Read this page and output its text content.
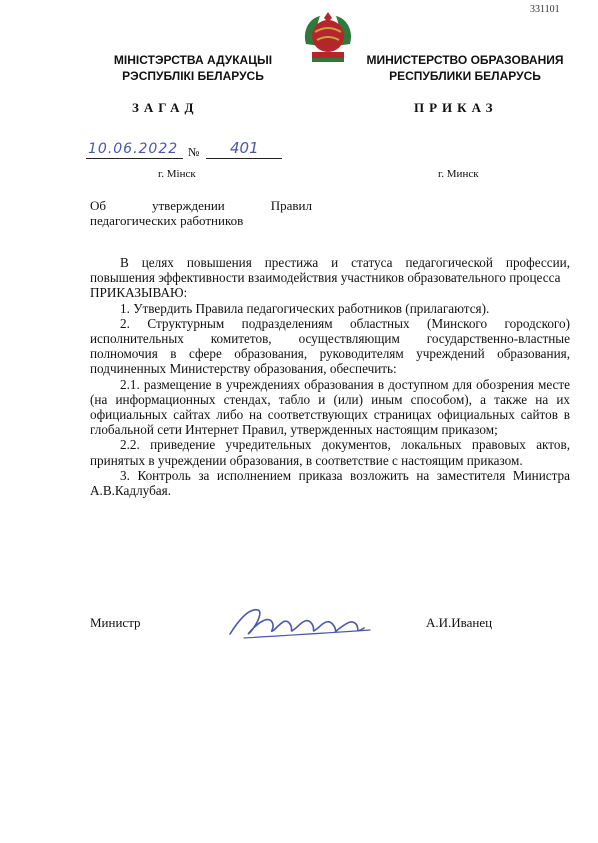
331101
МІНІСТЭРСТВА АДУКАЦЫІ
РЭСПУБЛІКІ БЕЛАРУСЬ
МИНИСТЕРСТВО ОБРАЗОВАНИЯ
РЕСПУБЛИКИ БЕЛАРУСЬ
ЗАГАД	ПРИКАЗ
10.06.2022 № 401
г. Мінск	г. Минск
Об	утверждении	Правил
педагогических работников

В целях повышения престижа и статуса педагогической профессии, повышения эффективности взаимодействия участников образовательного процесса

ПРИКАЗЫВАЮ:

1. Утвердить Правила педагогических работников (прилагаются).

2. Структурным подразделениям областных (Минского городского) исполнительных комитетов, осуществляющим государственно-властные полномочия в сфере образования, руководителям учреждений образования, подчиненных Министерству образования, обеспечить:

2.1. размещение в учреждениях образования в доступном для обозрения месте (на информационных стендах, табло и (или) иным способом), а также на их официальных сайтах либо на соответствующих страницах официальных сайтов в глобальной сети Интернет Правил, утвержденных настоящим приказом;

2.2. приведение учредительных документов, локальных правовых актов, принятых в учреждении образования, в соответствие с настоящим приказом.

3. Контроль за исполнением приказа возложить на заместителя Министра А.В.Кадлубая.

Министр	А.И.Иванец
